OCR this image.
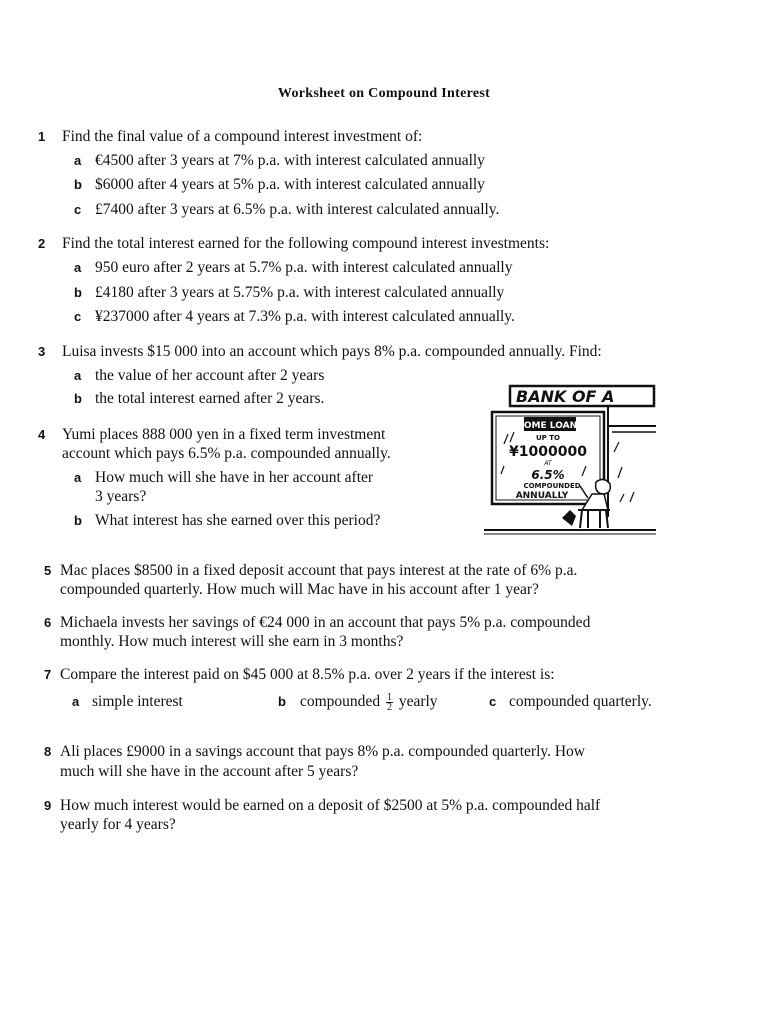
Worksheet on Compound Interest
1 Find the final value of a compound interest investment of:
a €4500 after 3 years at 7% p.a. with interest calculated annually
b $6000 after 4 years at 5% p.a. with interest calculated annually
c £7400 after 3 years at 6.5% p.a. with interest calculated annually.
2 Find the total interest earned for the following compound interest investments:
a 950 euro after 2 years at 5.7% p.a. with interest calculated annually
b £4180 after 3 years at 5.75% p.a. with interest calculated annually
c ¥237000 after 4 years at 7.3% p.a. with interest calculated annually.
3 Luisa invests $15 000 into an account which pays 8% p.a. compounded annually. Find:
a the value of her account after 2 years
b the total interest earned after 2 years.
4 Yumi places 888 000 yen in a fixed term investment
account which pays 6.5% p.a. compounded annually.
a How much will she have in her account after
3 years?
b What interest has she earned over this period?
BANK OF A
HOME LOANS
UP TO
¥1000000
AT
6.5%
COMPOUNDED
ANNUALLY
5 Mac places $8500 in a fixed deposit account that pays interest at the rate of 6% p.a.
compounded quarterly. How much will Mac have in his account after 1 year?
6 Michaela invests her savings of €24 000 in an account that pays 5% p.a. compounded
monthly. How much interest will she earn in 3 months?
7 Compare the interest paid on $45 000 at 8.5% p.a. over 2 years if the interest is:
a simple interest	b compounded $\frac{1}{2}$ yearly	c compounded quarterly.
8 Ali places £9000 in a savings account that pays 8% p.a. compounded quarterly. How
much will she have in the account after 5 years?
9 How much interest would be earned on a deposit of $2500 at 5% p.a. compounded half
yearly for 4 years?
